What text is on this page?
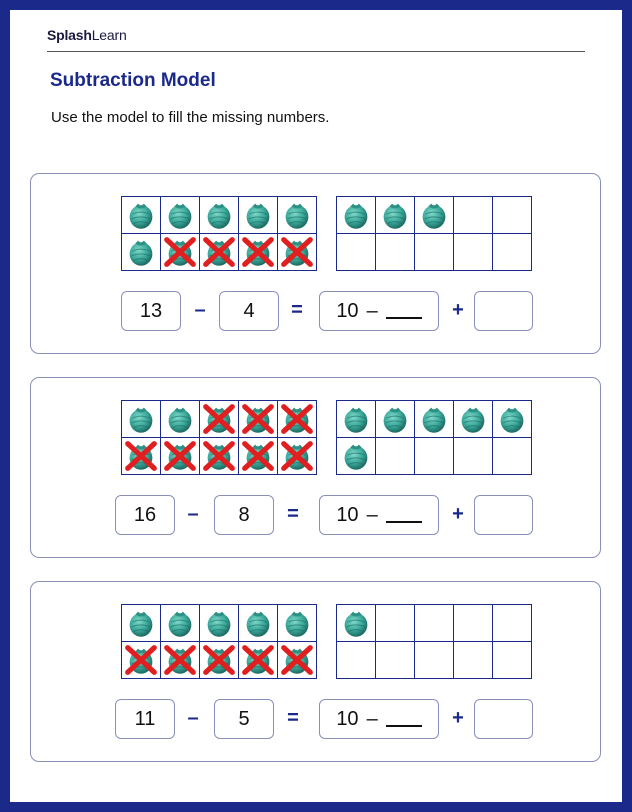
SplashLearn
Subtraction Model
Use the model to fill the missing numbers.
13	–	4	= 10 –	+
16	–	8	= 10 –	+
11	–	5	= 10 –	+
